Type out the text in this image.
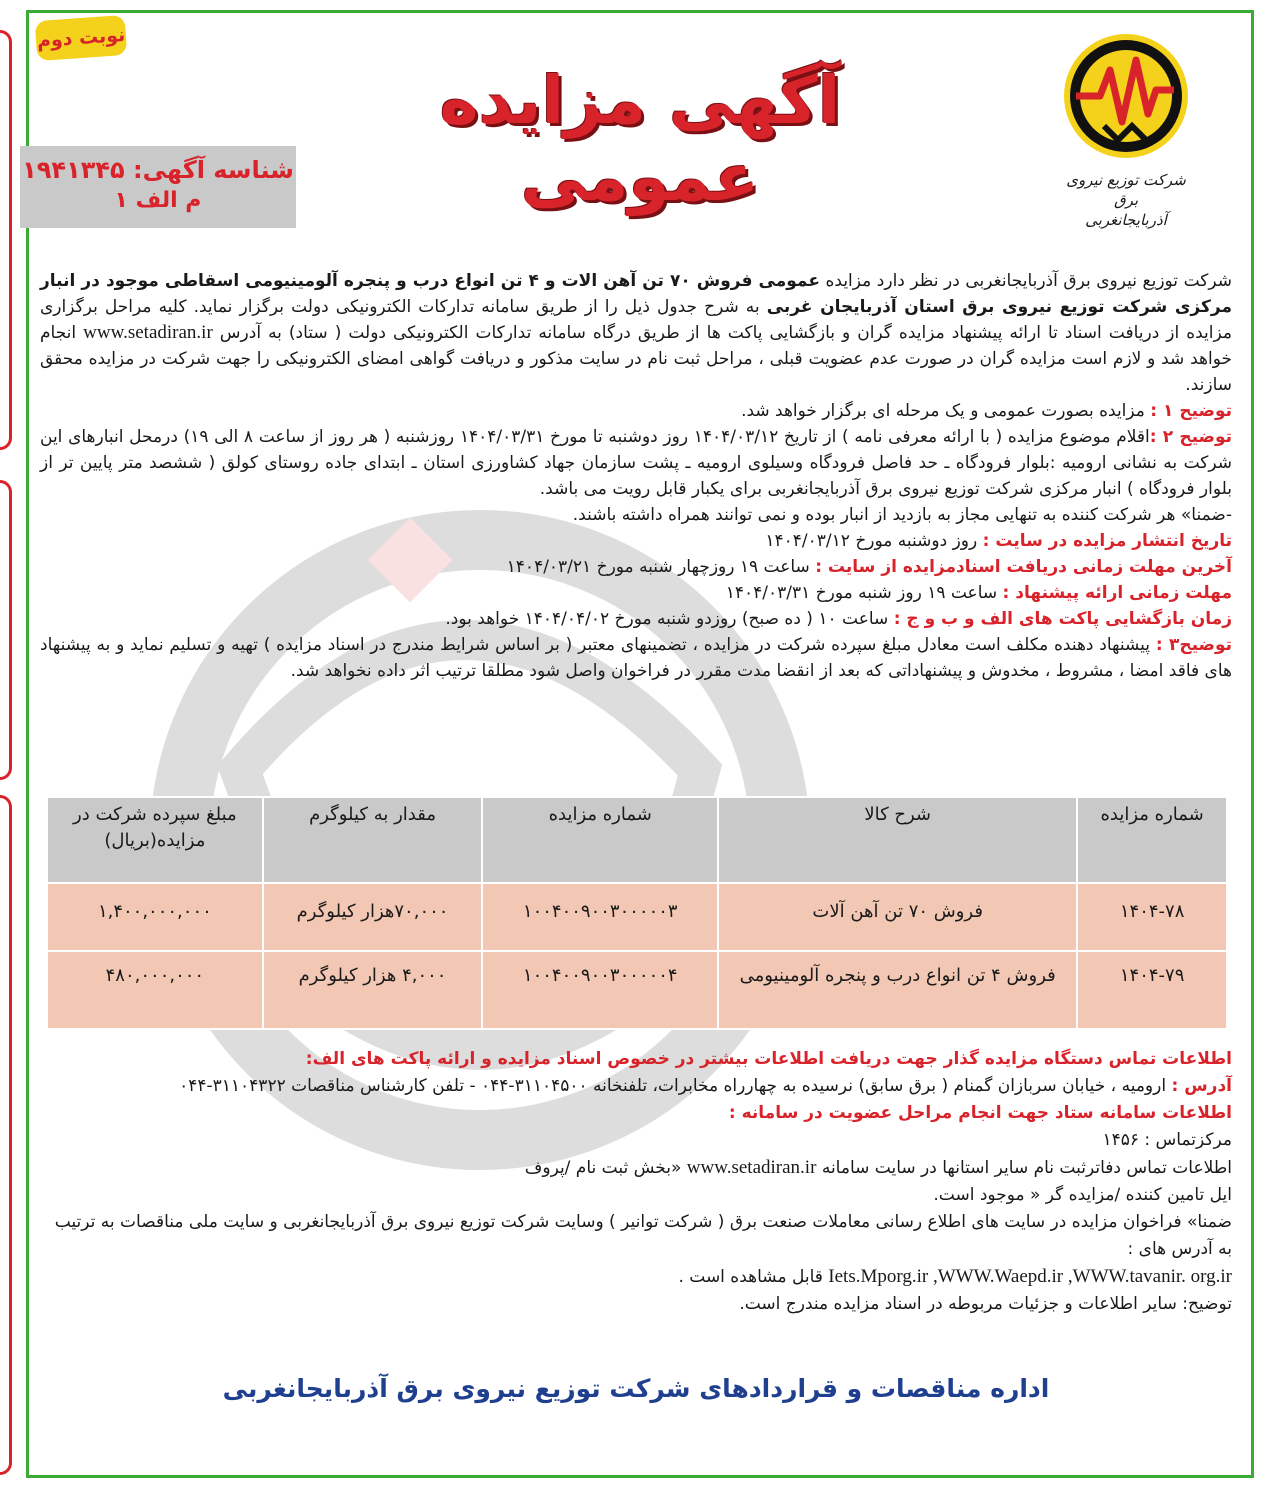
نوبت دوم
آگهی مزایده عمومی
شناسه آگهی: ۱۹۴۱۳۴۵
م الف ۱
شرکت توزیع نیروی برق
آذربایجانغربی

شرکت توزیع نیروی برق آذربایجانغربی در نظر دارد مزایده عمومی فروش ۷۰ تن آهن الات و ۴ تن انواع درب و پنجره آلومینیومی اسقاطی موجود در انبار مرکزی شرکت توزیع نیروی برق استان آذربایجان غربی به شرح جدول ذیل را از طریق سامانه تدارکات الکترونیکی دولت برگزار نماید. کلیه مراحل برگزاری مزایده از دریافت اسناد تا ارائه پیشنهاد مزایده گران و بازگشایی پاکت ها از طریق درگاه سامانه تدارکات الکترونیکی دولت ( ستاد) به آدرس www.setadiran.ir انجام خواهد شد و لازم است مزایده گران در صورت عدم عضویت قبلی ، مراحل ثبت نام در سایت مذکور و دریافت گواهی امضای الکترونیکی را جهت شرکت در مزایده محقق سازند.

توضیح ۱ : مزایده بصورت عمومی و یک مرحله ای برگزار خواهد شد.

توضیح ۲ :اقلام موضوع مزایده ( با ارائه معرفی نامه ) از تاریخ ۱۴۰۴/۰۳/۱۲ روز دوشنبه تا مورخ ۱۴۰۴/۰۳/۳۱ روزشنبه ( هر روز از ساعت ۸ الی ۱۹) درمحل انبارهای این شرکت به نشانی ارومیه :بلوار فرودگاه ـ حد فاصل فرودگاه وسیلوی ارومیه ـ پشت سازمان جهاد کشاورزی استان ـ ابتدای جاده روستای کولق ( ششصد متر پایین تر از بلوار فرودگاه ) انبار مرکزی شرکت توزیع نیروی برق آذربایجانغربی برای یکبار قابل رویت می باشد.

-ضمنا» هر شرکت کننده به تنهایی مجاز به بازدید از انبار بوده و نمی توانند همراه داشته باشند.

تاریخ انتشار مزایده در سایت : روز دوشنبه مورخ ۱۴۰۴/۰۳/۱۲

آخرین مهلت زمانی دریافت اسنادمزایده از سایت : ساعت ۱۹ روزچهار شنبه مورخ ۱۴۰۴/۰۳/۲۱

مهلت زمانی ارائه پیشنهاد : ساعت ۱۹ روز شنبه مورخ ۱۴۰۴/۰۳/۳۱

زمان بازگشایی پاکت های الف و ب و ج : ساعت ۱۰ ( ده صبح) روزدو شنبه مورخ ۱۴۰۴/۰۴/۰۲ خواهد بود.

توضیح۳ : پیشنهاد دهنده مکلف است معادل مبلغ سپرده شرکت در مزایده ، تضمینهای معتبر ( بر اساس شرایط مندرج در اسناد مزایده ) تهیه و تسلیم نماید و به پیشنهاد های فاقد امضا ، مشروط ، مخدوش و پیشنهاداتی که بعد از انقضا مدت مقرر در فراخوان واصل شود مطلقا ترتیب اثر داده نخواهد شد.

شماره مزایده	شرح کالا	شماره مزایده	مقدار به کیلوگرم	مبلغ سپرده شرکت در مزایده(بریال)
۱۴۰۴-۷۸	فروش ۷۰ تن آهن آلات	۱۰۰۴۰۰۹۰۰۳۰۰۰۰۰۳	۷۰,۰۰۰هزار کیلوگرم	۱,۴۰۰,۰۰۰,۰۰۰
۱۴۰۴-۷۹	فروش ۴ تن انواع درب و پنجره آلومینیومی	۱۰۰۴۰۰۹۰۰۳۰۰۰۰۰۴	۴,۰۰۰ هزار کیلوگرم	۴۸۰,۰۰۰,۰۰۰

اطلاعات تماس دستگاه مزایده گذار جهت دریافت اطلاعات بیشتر در خصوص اسناد مزایده و ارائه پاکت های الف:

آدرس : ارومیه ، خیابان سربازان گمنام ( برق سابق) نرسیده به چهارراه مخابرات، تلفنخانه ۳۱۱۰۴۵۰۰-۰۴۴ - تلفن کارشناس مناقصات ۳۱۱۰۴۳۲۲-۰۴۴

اطلاعات سامانه ستاد جهت انجام مراحل عضویت در سامانه :

مرکزتماس : ۱۴۵۶

اطلاعات تماس دفاترثبت نام سایر استانها در سایت سامانه www.setadiran.ir «بخش ثبت نام /پروف

ایل تامین کننده /مزایده گر « موجود است.

ضمنا» فراخوان مزایده در سایت های اطلاع رسانی معاملات صنعت برق ( شرکت توانیر ) وسایت شرکت توزیع نیروی برق آذربایجانغربی و سایت ملی مناقصات به ترتیب به آدرس های :

Iets.Mporg.ir ,WWW.Waepd.ir ,WWW.tavanir. org.ir قابل مشاهده است .

توضیح: سایر اطلاعات و جزئیات مربوطه در اسناد مزایده مندرج است.

اداره مناقصات و قراردادهای شرکت توزیع نیروی برق آذربایجانغربی
